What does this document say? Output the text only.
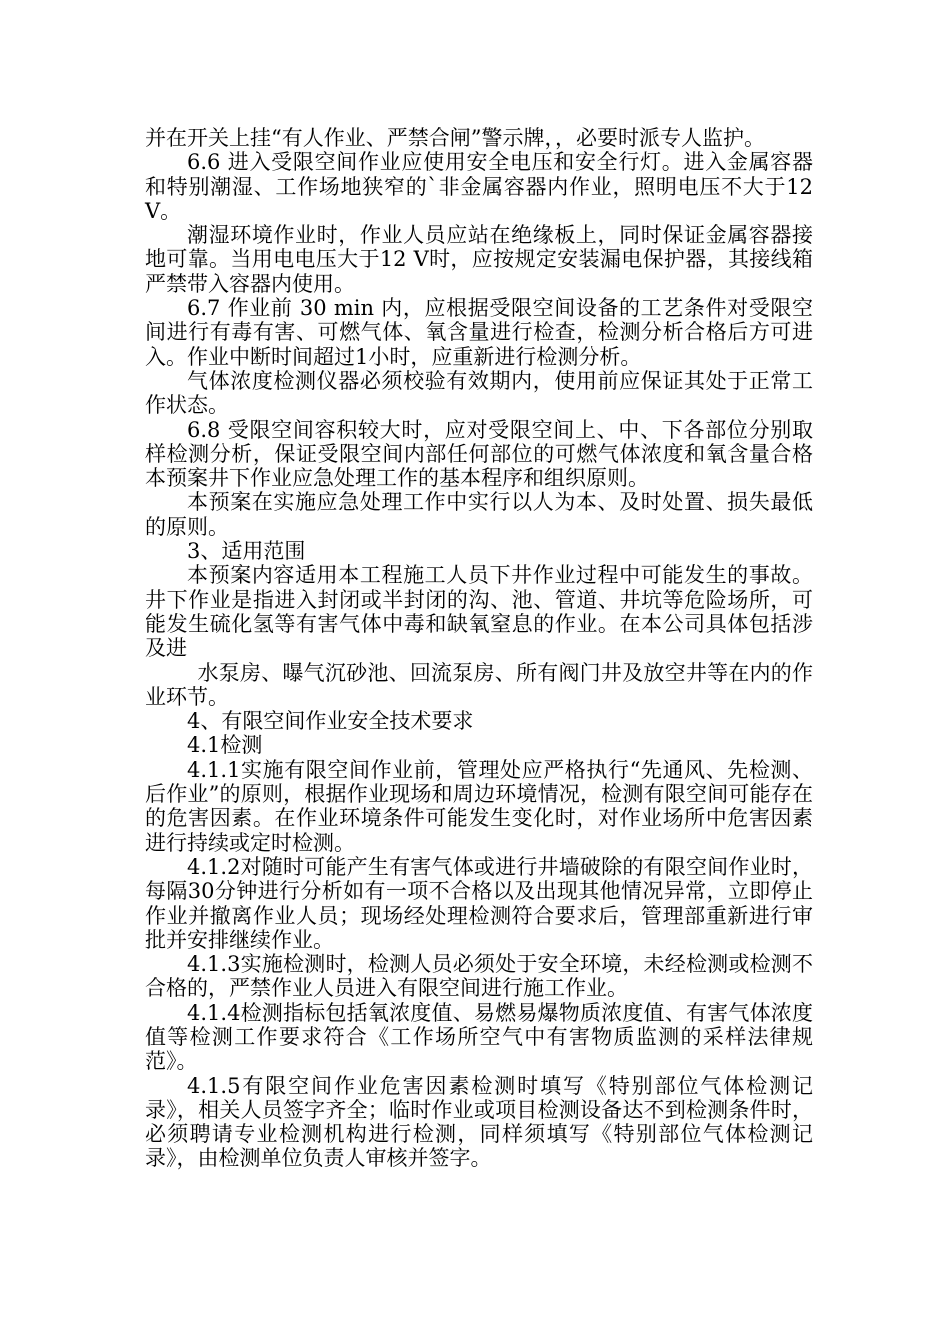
并在开关上挂“有人作业、严禁合闸”警示牌，，必要时派专人监护。

6.6 进入受限空间作业应使用安全电压和安全行灯。进入金属容器和特别潮湿、工作场地狭窄的`非金属容器内作业，照明电压不大于12 V。

潮湿环境作业时，作业人员应站在绝缘板上，同时保证金属容器接地可靠。当用电电压大于12 V时，应按规定安装漏电保护器，其接线箱严禁带入容器内使用。

6.7 作业前 30 min 内，应根据受限空间设备的工艺条件对受限空间进行有毒有害、可燃气体、氧含量进行检查，检测分析合格后方可进入。作业中断时间超过1小时，应重新进行检测分析。

气体浓度检测仪器必须校验有效期内，使用前应保证其处于正常工作状态。

6.8 受限空间容积较大时，应对受限空间上、中、下各部位分别取样检测分析，保证受限空间内部任何部位的可燃气体浓度和氧含量合格本预案井下作业应急处理工作的基本程序和组织原则。

本预案在实施应急处理工作中实行以人为本、及时处置、损失最低的原则。

3、适用范围

本预案内容适用本工程施工人员下井作业过程中可能发生的事故。 井下作业是指进入封闭或半封闭的沟、池、管道、井坑等危险场所，可能发生硫化氢等有害气体中毒和缺氧窒息的作业。在本公司具体包括涉及进

水泵房、曝气沉砂池、回流泵房、所有阀门井及放空井等在内的作业环节。

4、有限空间作业安全技术要求

4.1检测

4.1.1实施有限空间作业前，管理处应严格执行“先通风、先检测、后作业”的原则，根据作业现场和周边环境情况，检测有限空间可能存在的危害因素。在作业环境条件可能发生变化时，对作业场所中危害因素进行持续或定时检测。

4.1.2对随时可能产生有害气体或进行井墙破除的有限空间作业时，每隔30分钟进行分析如有一项不合格以及出现其他情况异常，立即停止作业并撤离作业人员；现场经处理检测符合要求后，管理部重新进行审批并安排继续作业。

4.1.3实施检测时，检测人员必须处于安全环境，未经检测或检测不合格的，严禁作业人员进入有限空间进行施工作业。

4.1.4检测指标包括氧浓度值、易燃易爆物质浓度值、有害气体浓度值等检测工作要求符合《工作场所空气中有害物质监测的采样法律规范》。

4.1.5有限空间作业危害因素检测时填写《特别部位气体检测记录》，相关人员签字齐全；临时作业或项目检测设备达不到检测条件时，必须聘请专业检测机构进行检测，同样须填写《特别部位气体检测记录》，由检测单位负责人审核并签字。
